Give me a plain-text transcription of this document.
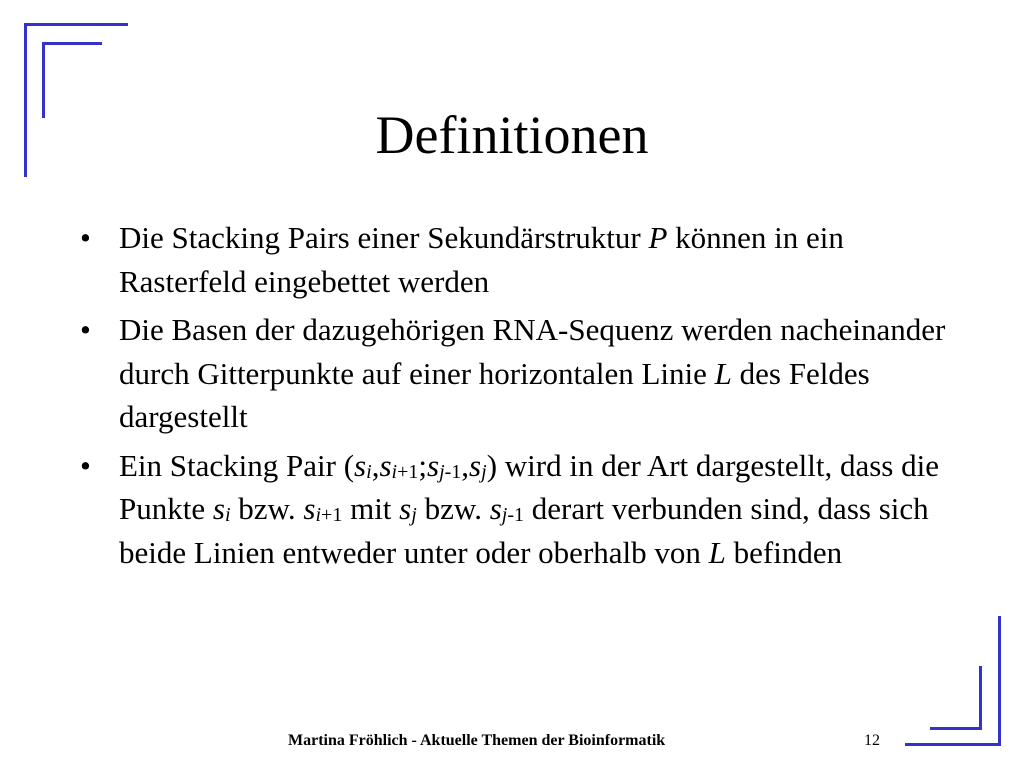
Definitionen
• Die Stacking Pairs einer Sekundärstruktur P können in ein Rasterfeld eingebettet werden
• Die Basen der dazugehörigen RNA-Sequenz werden nacheinander durch Gitterpunkte auf einer horizontalen Linie L des Feldes dargestellt
• Ein Stacking Pair $(s_i,s_{i+1};s_{j-1},s_j)$ wird in der Art dargestellt, dass die Punkte $s_i$ bzw. $s_{i+1}$ mit $s_j$ bzw. $s_{j-1}$ derart verbunden sind, dass sich beide Linien entweder unter oder oberhalb von L befinden
Martina Fröhlich - Aktuelle Themen der Bioinformatik	12
